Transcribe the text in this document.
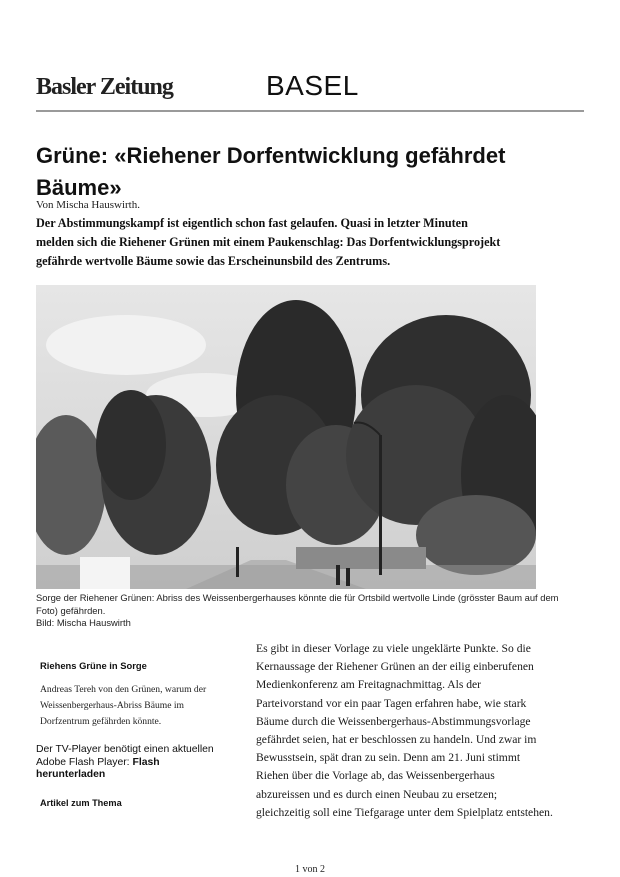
Basler Zeitung	BASEL
Grüne: «Riehener Dorfentwicklung gefährdet
Bäume»
Von Mischa Hauswirth.
Der Abstimmungskampf ist eigentlich schon fast gelaufen. Quasi in letzter Minuten
melden sich die Riehener Grünen mit einem Paukenschlag: Das Dorfentwicklungsprojekt
gefährde wertvolle Bäume sowie das Erscheinunsbild des Zentrums.
Sorge der Riehener Grünen: Abriss des Weissenbergerhauses könnte die für Ortsbild wertvolle Linde (grösster Baum auf dem
Foto) gefährden.
Bild: Mischa Hauswirth
Riehens Grüne in Sorge
Andreas Tereh von den Grünen, warum der
Weissenbergerhaus-Abriss Bäume im
Dorfzentrum gefährden könnte.
Der TV-Player benötigt einen aktuellen
Adobe Flash Player: Flash
herunterladen
Artikel zum Thema
Es gibt in dieser Vorlage zu viele ungeklärte Punkte. So die
Kernaussage der Riehener Grünen an der eilig einberufenen
Medienkonferenz am Freitagnachmittag. Als der
Parteivorstand vor ein paar Tagen erfahren habe, wie stark
Bäume durch die Weissenbergerhaus-Abstimmungsvorlage
gefährdet seien, hat er beschlossen zu handeln. Und zwar im
Bewusstsein, spät dran zu sein. Denn am 21. Juni stimmt
Riehen über die Vorlage ab, das Weissenbergerhaus
abzureissen und es durch einen Neubau zu ersetzen;
gleichzeitig soll eine Tiefgarage unter dem Spielplatz entstehen.
1 von 2
